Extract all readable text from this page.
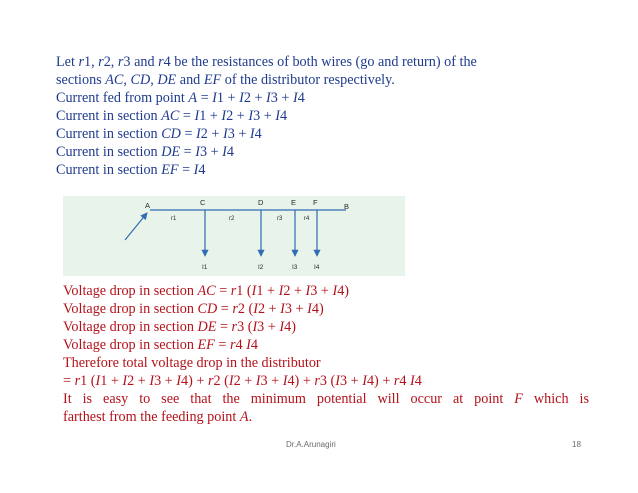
Let r1, r2, r3 and r4 be the resistances of both wires (go and return) of the
sections AC, CD, DE and EF of the distributor respectively.
Current fed from point A = I1 + I2 + I3 + I4
Current in section AC = I1 + I2 + I3 + I4
Current in section CD = I2 + I3 + I4
Current in section DE = I3 + I4
Current in section EF = I4
A	C	D	E F	B
r1	r2	r3	r4
I1	I2	I3	I4
Voltage drop in section AC = r1 (I1 + I2 + I3 + I4)
Voltage drop in section CD = r2 (I2 + I3 + I4)
Voltage drop in section DE = r3 (I3 + I4)
Voltage drop in section EF = r4 I4
Therefore total voltage drop in the distributor
= r1 (I1 + I2 + I3 + I4) + r2 (I2 + I3 + I4) + r3 (I3 + I4) + r4 I4
It is easy to see that the minimum potential will occur at point F which is
farthest from the feeding point A.
Dr.A.Arunagiri	18
